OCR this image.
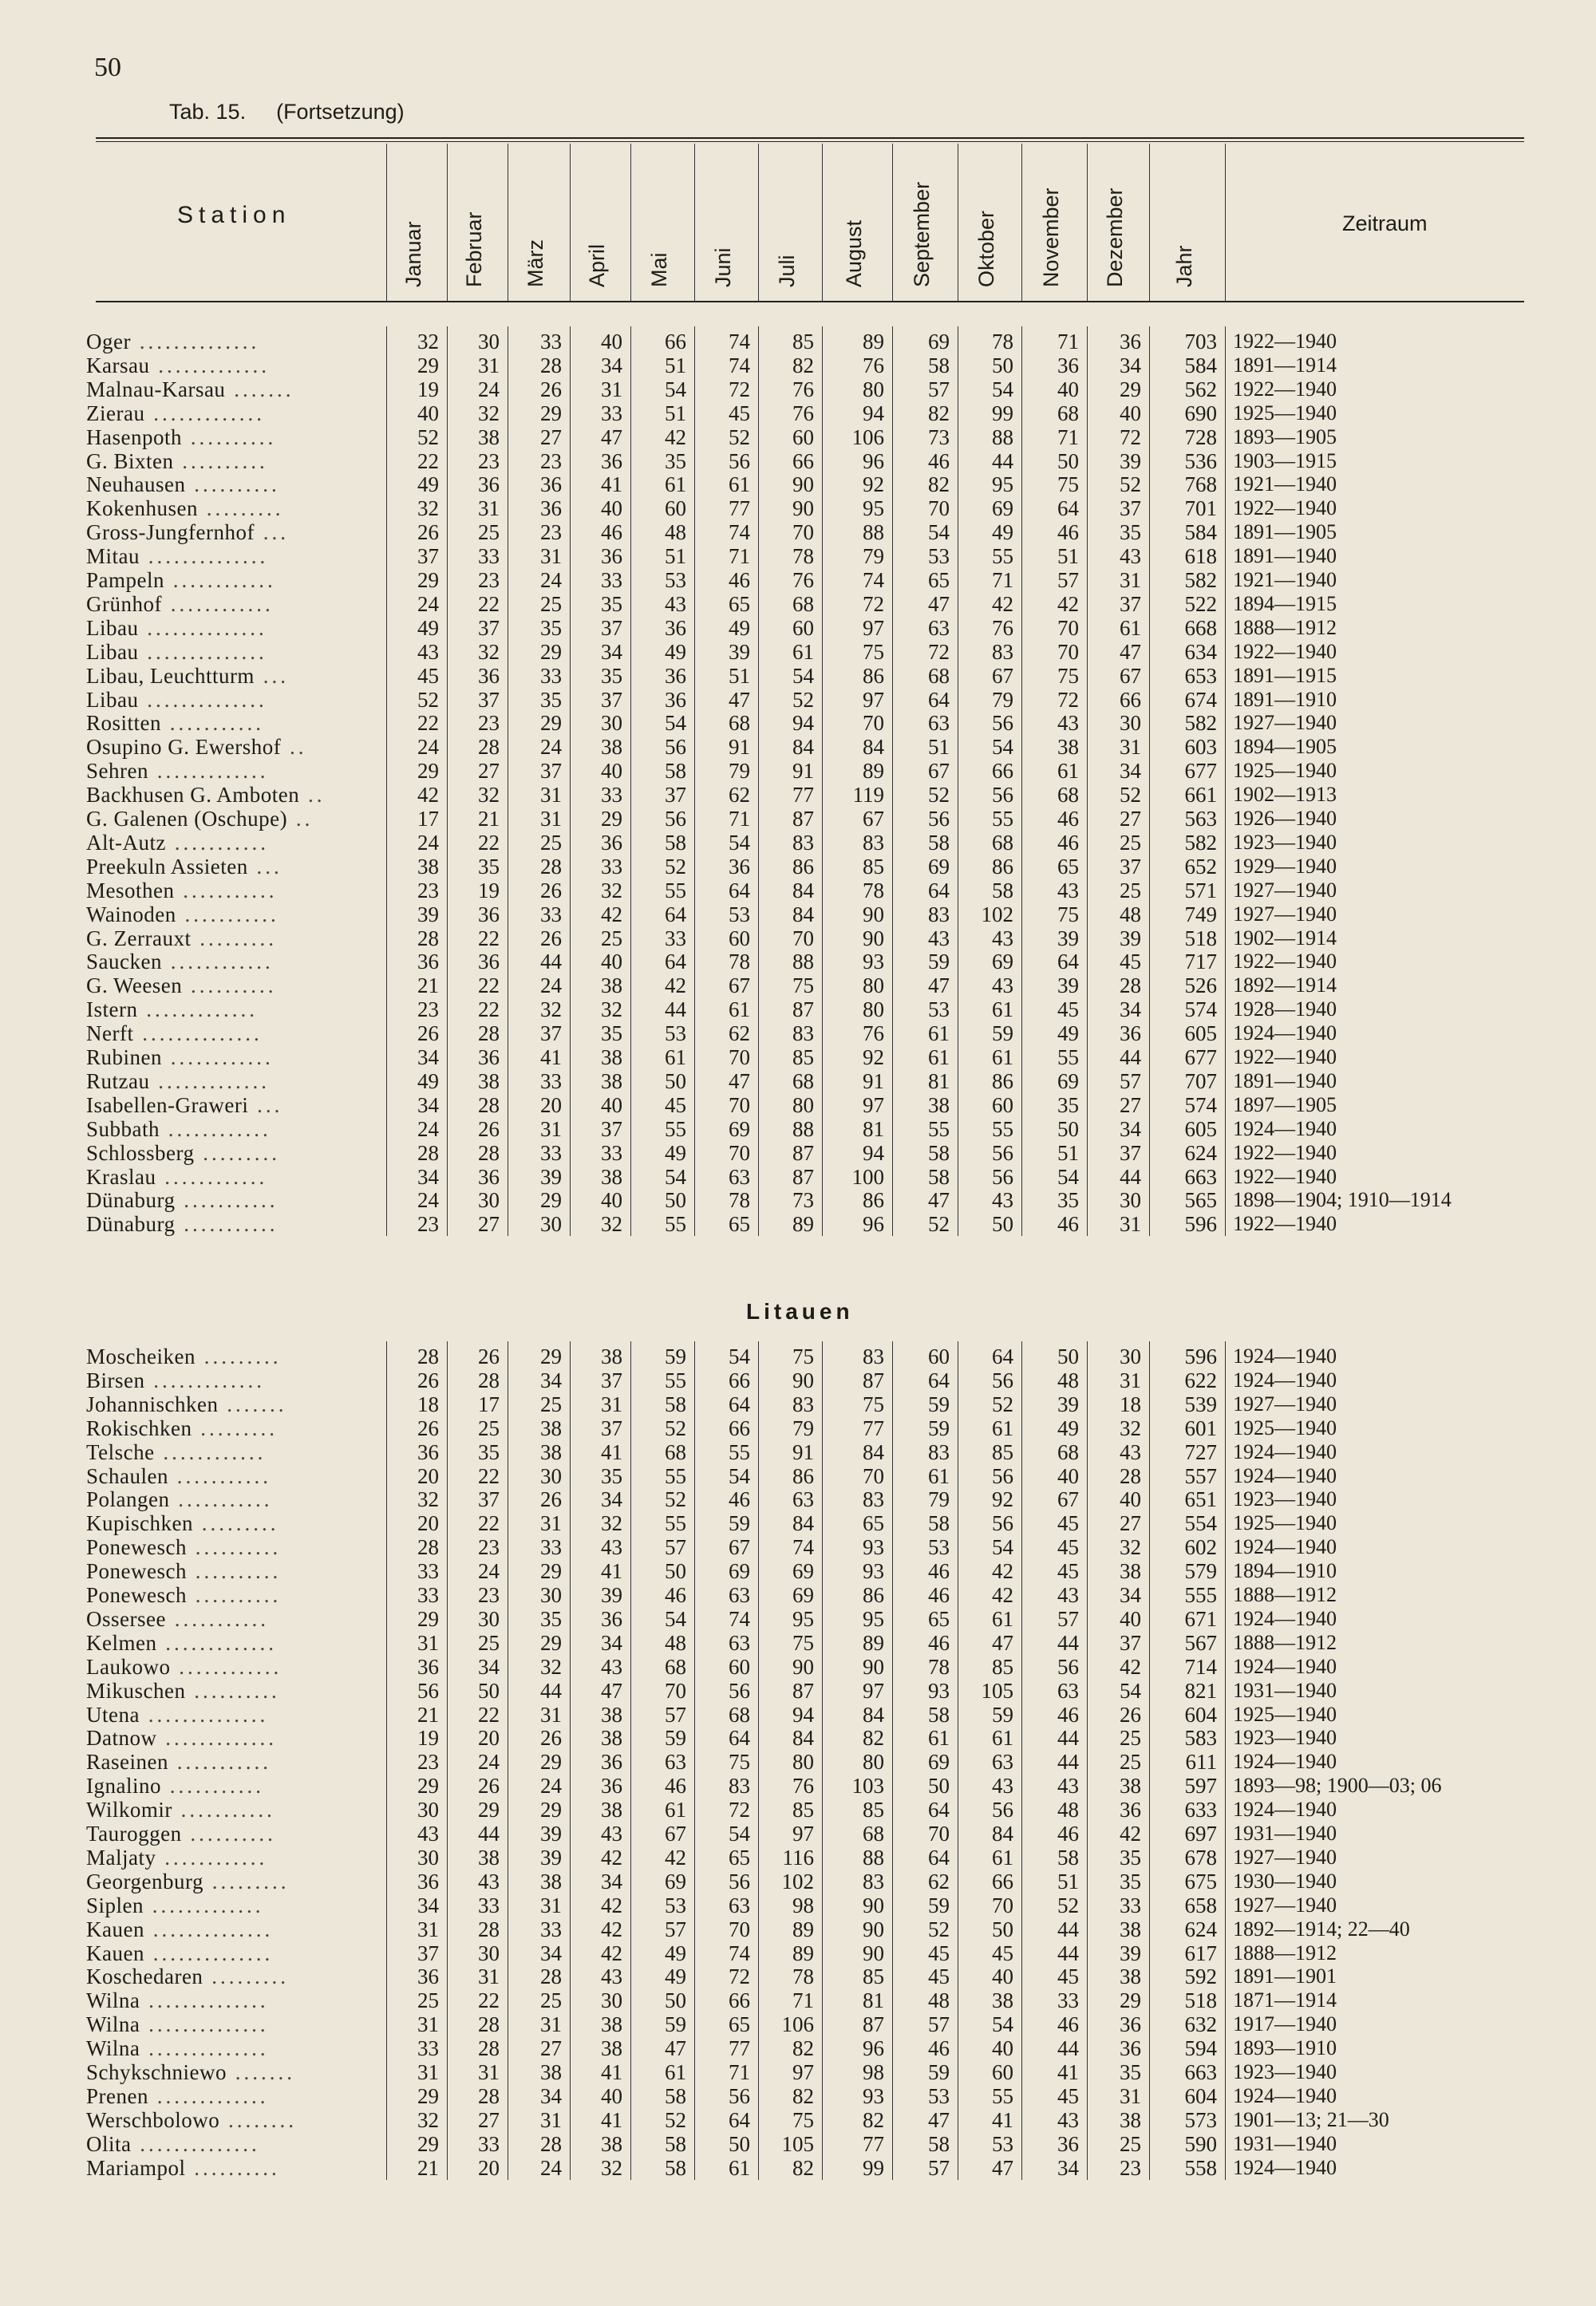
50
Tab. 15. (Fortsetzung)
Station	Zeitraum
Januar Februar März April Mai Juni Juli August September Oktober November Dezember Jahr
Oger ..............	32	30	33	40	66	74	85	89	69	78	71	36 703 1922—1940
Karsau .............	29	31	28	34	51	74	82	76	58	50	36	34 584 1891—1914
Malnau-Karsau .......	19	24	26	31	54	72	76	80	57	54	40	29 562 1922—1940
Zierau .............	40	32	29	33	51	45	76	94	82	99	68	40 690 1925—1940
Hasenpoth ..........	52	38	27	47	42	52	60 106	73	88	71	72 728 1893—1905
G. Bixten ..........	22	23	23	36	35	56	66	96	46	44	50	39 536 1903—1915
Neuhausen ..........	49	36	36	41	61	61	90	92	82	95	75	52 768 1921—1940
Kokenhusen .........	32	31	36	40	60	77	90	95	70	69	64	37 701 1922—1940
Gross-Jungfernhof ...	26	25	23	46	48	74	70	88	54	49	46	35 584 1891—1905
Mitau ..............	37	33	31	36	51	71	78	79	53	55	51	43 618 1891—1940
Pampeln ............	29	23	24	33	53	46	76	74	65	71	57	31 582 1921—1940
Grünhof ............	24	22	25	35	43	65	68	72	47	42	42	37 522 1894—1915
Libau ..............	49	37	35	37	36	49	60	97	63	76	70	61 668 1888—1912
Libau ..............	43	32	29	34	49	39	61	75	72	83	70	47 634 1922—1940
Libau, Leuchtturm ...	45	36	33	35	36	51	54	86	68	67	75	67 653 1891—1915
Libau ..............	52	37	35	37	36	47	52	97	64	79	72	66 674 1891—1910
Rositten ...........	22	23	29	30	54	68	94	70	63	56	43	30 582 1927—1940
Osupino G. Ewershof ..	24	28	24	38	56	91	84	84	51	54	38	31 603 1894—1905
Sehren .............	29	27	37	40	58	79	91	89	67	66	61	34 677 1925—1940
Backhusen G. Amboten ..	42	32	31	33	37	62	77 119	52	56	68	52 661 1902—1913
G. Galenen (Oschupe) ..	17	21	31	29	56	71	87	67	56	55	46	27 563 1926—1940
Alt-Autz ...........	24	22	25	36	58	54	83	83	58	68	46	25 582 1923—1940
Preekuln Assieten ...	38	35	28	33	52	36	86	85	69	86	65	37 652 1929—1940
Mesothen ...........	23	19	26	32	55	64	84	78	64	58	43	25 571 1927—1940
Wainoden ...........	39	36	33	42	64	53	84	90	83 102	75	48 749 1927—1940
G. Zerrauxt .........	28	22	26	25	33	60	70	90	43	43	39	39 518 1902—1914
Saucken ............	36	36	44	40	64	78	88	93	59	69	64	45 717 1922—1940
G. Weesen ..........	21	22	24	38	42	67	75	80	47	43	39	28 526 1892—1914
Istern .............	23	22	32	32	44	61	87	80	53	61	45	34 574 1928—1940
Nerft ..............	26	28	37	35	53	62	83	76	61	59	49	36 605 1924—1940
Rubinen ............	34	36	41	38	61	70	85	92	61	61	55	44 677 1922—1940
Rutzau .............	49	38	33	38	50	47	68	91	81	86	69	57 707 1891—1940
Isabellen-Graweri ...	34	28	20	40	45	70	80	97	38	60	35	27 574 1897—1905
Subbath ............	24	26	31	37	55	69	88	81	55	55	50	34 605 1924—1940
Schlossberg .........	28	28	33	33	49	70	87	94	58	56	51	37 624 1922—1940
Kraslau ............	34	36	39	38	54	63	87 100	58	56	54	44 663 1922—1940
Dünaburg ...........	24	30	29	40	50	78	73	86	47	43	35	30 565 1898—1904; 1910—1914
Dünaburg ...........	23	27	30	32	55	65	89	96	52	50	46	31 596 1922—1940
Moscheiken .........	28	26	29	38	59	54	75	83	60	64	50	30 596 1924—1940
Birsen .............	26	28	34	37	55	66	90	87	64	56	48	31 622 1924—1940
Johannischken .......	18	17	25	31	58	64	83	75	59	52	39	18 539 1927—1940
Rokischken .........	26	25	38	37	52	66	79	77	59	61	49	32 601 1925—1940
Telsche ............	36	35	38	41	68	55	91	84	83	85	68	43 727 1924—1940
Schaulen ...........	20	22	30	35	55	54	86	70	61	56	40	28 557 1924—1940
Polangen ...........	32	37	26	34	52	46	63	83	79	92	67	40 651 1923—1940
Kupischken .........	20	22	31	32	55	59	84	65	58	56	45	27 554 1925—1940
Ponewesch ..........	28	23	33	43	57	67	74	93	53	54	45	32 602 1924—1940
Ponewesch ..........	33	24	29	41	50	69	69	93	46	42	45	38 579 1894—1910
Ponewesch ..........	33	23	30	39	46	63	69	86	46	42	43	34 555 1888—1912
Ossersee ...........	29	30	35	36	54	74	95	95	65	61	57	40 671 1924—1940
Kelmen .............	31	25	29	34	48	63	75	89	46	47	44	37 567 1888—1912
Laukowo ............	36	34	32	43	68	60	90	90	78	85	56	42 714 1924—1940
Mikuschen ..........	56	50	44	47	70	56	87	97	93 105	63	54 821 1931—1940
Utena ..............	21	22	31	38	57	68	94	84	58	59	46	26 604 1925—1940
Datnow .............	19	20	26	38	59	64	84	82	61	61	44	25 583 1923—1940
Raseinen ...........	23	24	29	36	63	75	80	80	69	63	44	25 611 1924—1940
Ignalino ...........	29	26	24	36	46	83	76 103	50	43	43	38 597 1893—98; 1900—03; 06
Wilkomir ...........	30	29	29	38	61	72	85	85	64	56	48	36 633 1924—1940
Tauroggen ..........	43	44	39	43	67	54	97	68	70	84	46	42 697 1931—1940
Maljaty ............	30	38	39	42	42	65 116	88	64	61	58	35 678 1927—1940
Georgenburg .........	36	43	38	34	69	56 102	83	62	66	51	35 675 1930—1940
Siplen .............	34	33	31	42	53	63	98	90	59	70	52	33 658 1927—1940
Kauen ..............	31	28	33	42	57	70	89	90	52	50	44	38 624 1892—1914; 22—40
Kauen ..............	37	30	34	42	49	74	89	90	45	45	44	39 617 1888—1912
Koschedaren .........	36	31	28	43	49	72	78	85	45	40	45	38 592 1891—1901
Wilna ..............	25	22	25	30	50	66	71	81	48	38	33	29 518 1871—1914
Wilna ..............	31	28	31	38	59	65 106	87	57	54	46	36 632 1917—1940
Wilna ..............	33	28	27	38	47	77	82	96	46	40	44	36 594 1893—1910
Schykschniewo .......	31	31	38	41	61	71	97	98	59	60	41	35 663 1923—1940
Prenen .............	29	28	34	40	58	56	82	93	53	55	45	31 604 1924—1940
Werschbolowo ........	32	27	31	41	52	64	75	82	47	41	43	38 573 1901—13; 21—30
Olita ..............	29	33	28	38	58	50 105	77	58	53	36	25 590 1931—1940
Mariampol ..........	21	20	24	32	58	61	82	99	57	47	34	23 558 1924—1940
Litauen
